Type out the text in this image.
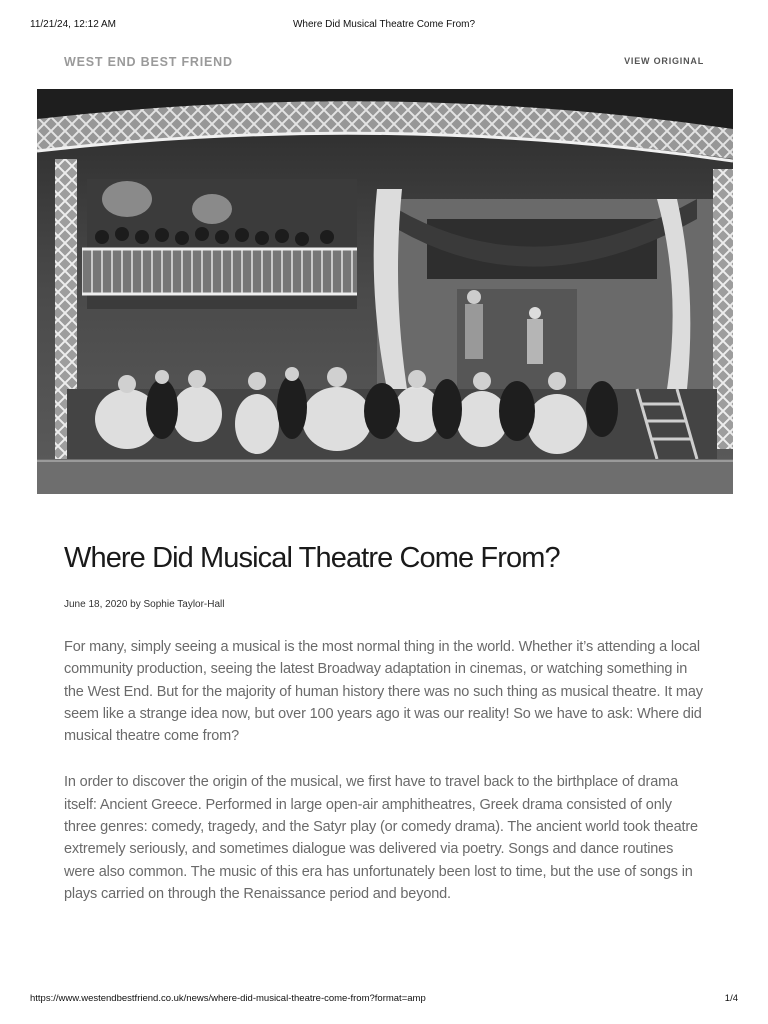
11/21/24, 12:12 AM	Where Did Musical Theatre Come From?
WEST END BEST FRIEND	VIEW ORIGINAL
Where Did Musical Theatre Come From?
June 18, 2020 by Sophie Taylor-Hall

For many, simply seeing a musical is the most normal thing in the world. Whether it’s attending a local community production, seeing the latest Broadway adaptation in cinemas, or watching something in the West End. But for the majority of human history there was no such thing as musical theatre. It may seem like a strange idea now, but over 100 years ago it was our reality! So we have to ask: Where did musical theatre come from?

In order to discover the origin of the musical, we first have to travel back to the birthplace of drama itself: Ancient Greece. Performed in large open-air amphitheatres, Greek drama consisted of only three genres: comedy, tragedy, and the Satyr play (or comedy drama). The ancient world took theatre extremely seriously, and sometimes dialogue was delivered via poetry. Songs and dance routines were also common. The music of this era has unfortunately been lost to time, but the use of songs in plays carried on through the Renaissance period and beyond.

https://www.westendbestfriend.co.uk/news/where-did-musical-theatre-come-from?format=amp	1/4
